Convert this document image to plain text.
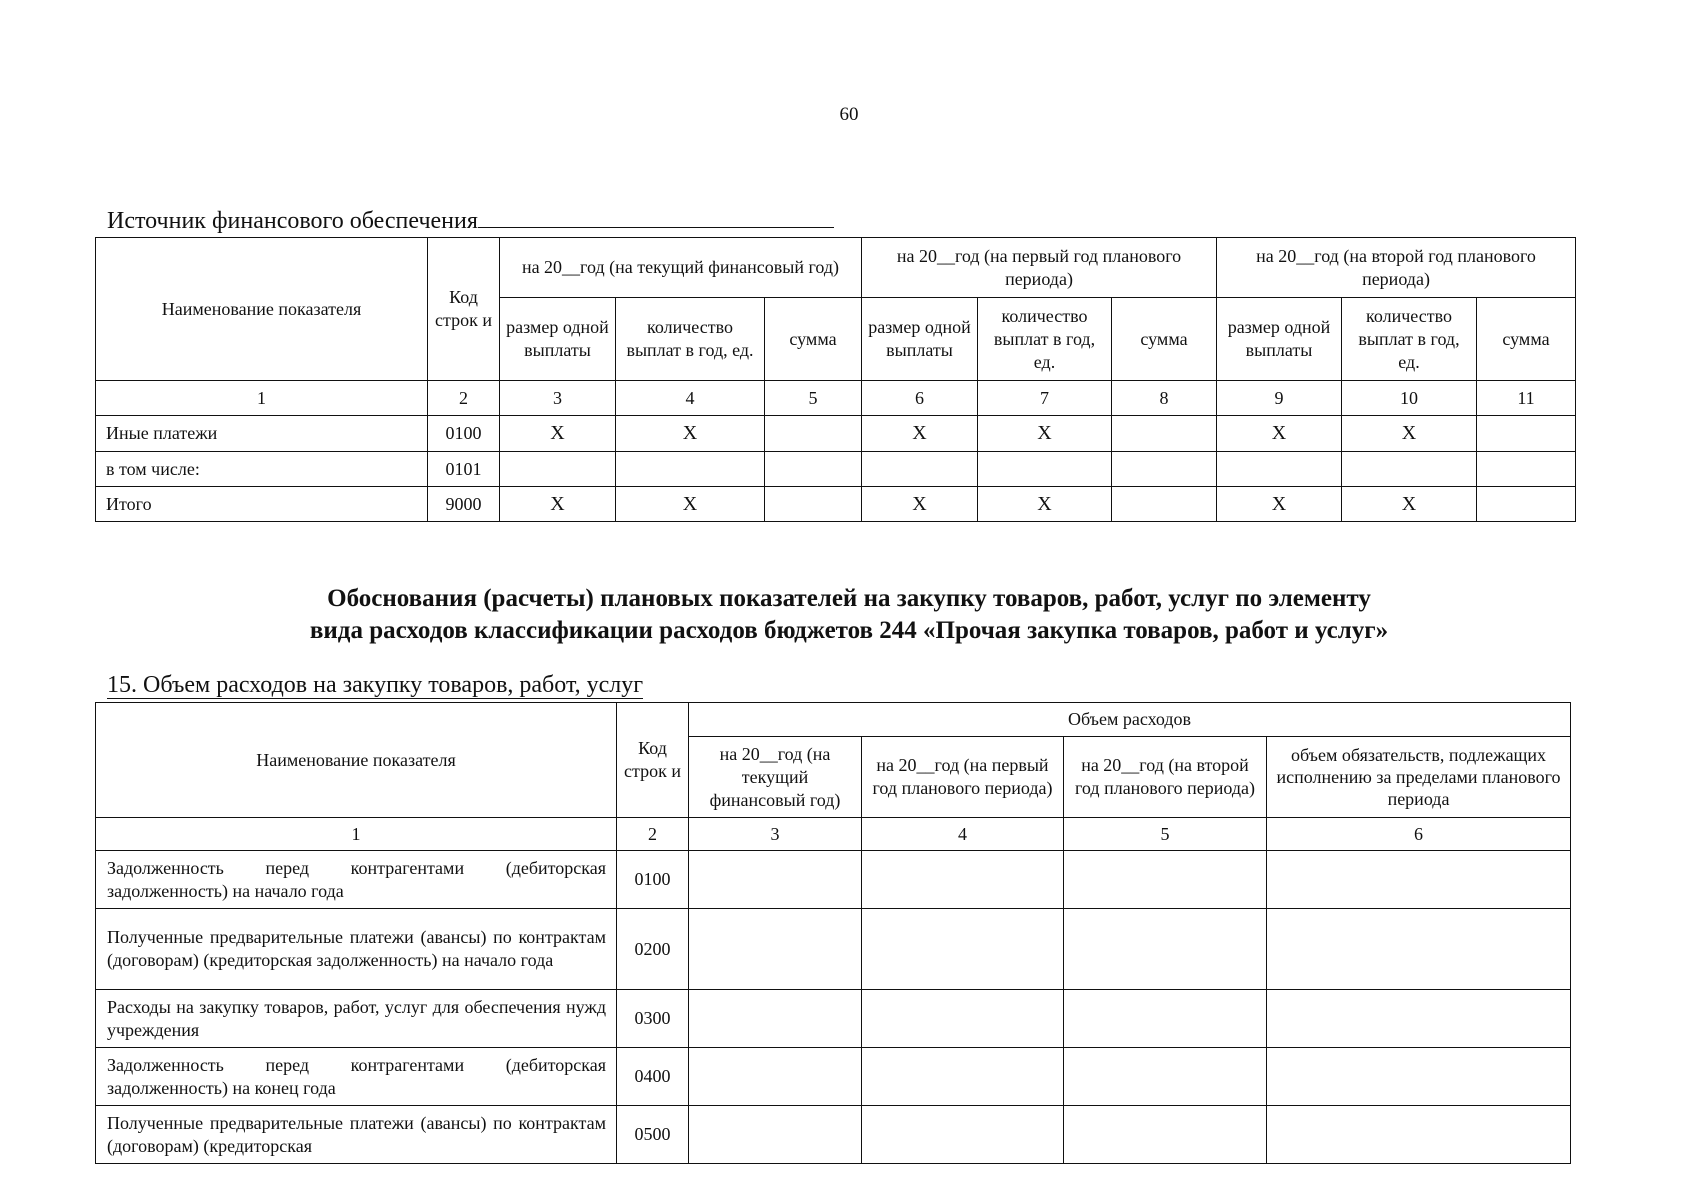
60
Источник финансового обеспечения
Наименование показателя	Код строк и	на 20__год (на текущий финансовый год)			на 20__год (на первый год планового периода)			на 20__год (на второй год планового периода)		
		размер одной выплаты	количество выплат в год, ед.	сумма	размер одной выплаты	количество выплат в год, ед.	сумма	размер одной выплаты	количество выплат в год, ед.	сумма
1	2	3	4	5	6	7	8	9	10	11
Иные платежи	0100	X	X		X	X		X	X	
в том числе:	0101									
Итого	9000	X	X		X	X		X	X	
Обоснования (расчеты) плановых показателей на закупку товаров, работ, услуг по элементу
вида расходов классификации расходов бюджетов 244 «Прочая закупка товаров, работ и услуг»
15. Объем расходов на закупку товаров, работ, услуг
Наименование показателя	Код строк и	Объем расходов			
		на 20__год (на текущий финансовый год)	на 20__год (на первый год планового периода)	на 20__год (на второй год планового периода)	объем обязательств, подлежащих исполнению за пределами планового периода
1	2	3	4	5	6
Задолженность перед контрагентами (дебиторская задолженность) на начало года	0100				
Полученные предварительные платежи (авансы) по контрактам (договорам) (кредиторская задолженность) на начало года	0200				
Расходы на закупку товаров, работ, услуг для обеспечения нужд учреждения	0300				
Задолженность перед контрагентами (дебиторская задолженность) на конец года	0400				
Полученные предварительные платежи (авансы) по контрактам (договорам) (кредиторская	0500				
